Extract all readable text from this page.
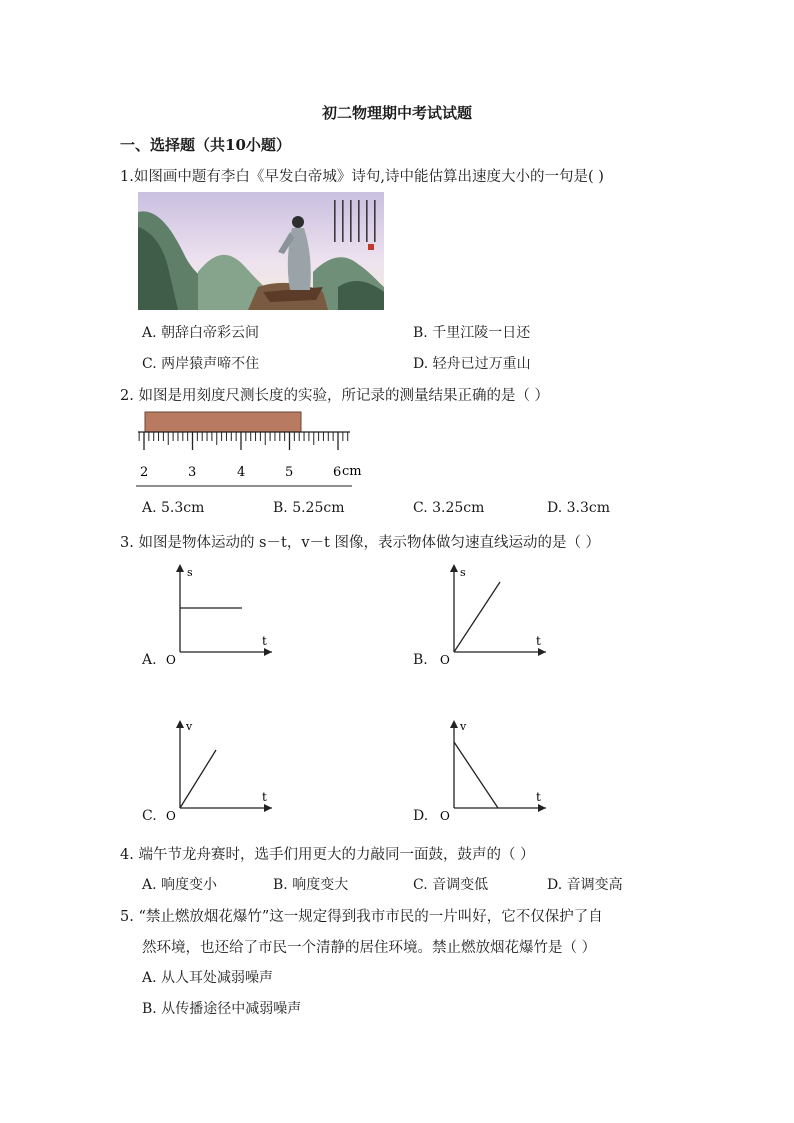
初二物理期中考试试题
一、选择题（共10小题）
1.如图画中题有李白《早发白帝城》诗句,诗中能估算出速度大小的一句是( )
A. 朝辞白帝彩云间	B. 千里江陵一日还
C. 两岸猿声啼不住	D. 轻舟已过万重山
2. 如图是用刻度尺测长度的实验，所记录的测量结果正确的是（ ）
2	3	4	5	6 cm
A. 5.3cm	B. 5.25cm	C. 3.25cm	D. 3.3cm
3. 如图是物体运动的 s－t，v－t 图像，表示物体做匀速直线运动的是（ ）
A.
s
t
O	B.
s
t
O
C.
v
t
O	D.
v
t
O
4. 端午节龙舟赛时，选手们用更大的力敲同一面鼓，鼓声的（ ）
A. 响度变小	B. 响度变大	C. 音调变低	D. 音调变高
5. “禁止燃放烟花爆竹”这一规定得到我市市民的一片叫好，它不仅保护了自
然环境，也还给了市民一个清静的居住环境。禁止燃放烟花爆竹是（ ）
A. 从人耳处减弱噪声
B. 从传播途径中减弱噪声
